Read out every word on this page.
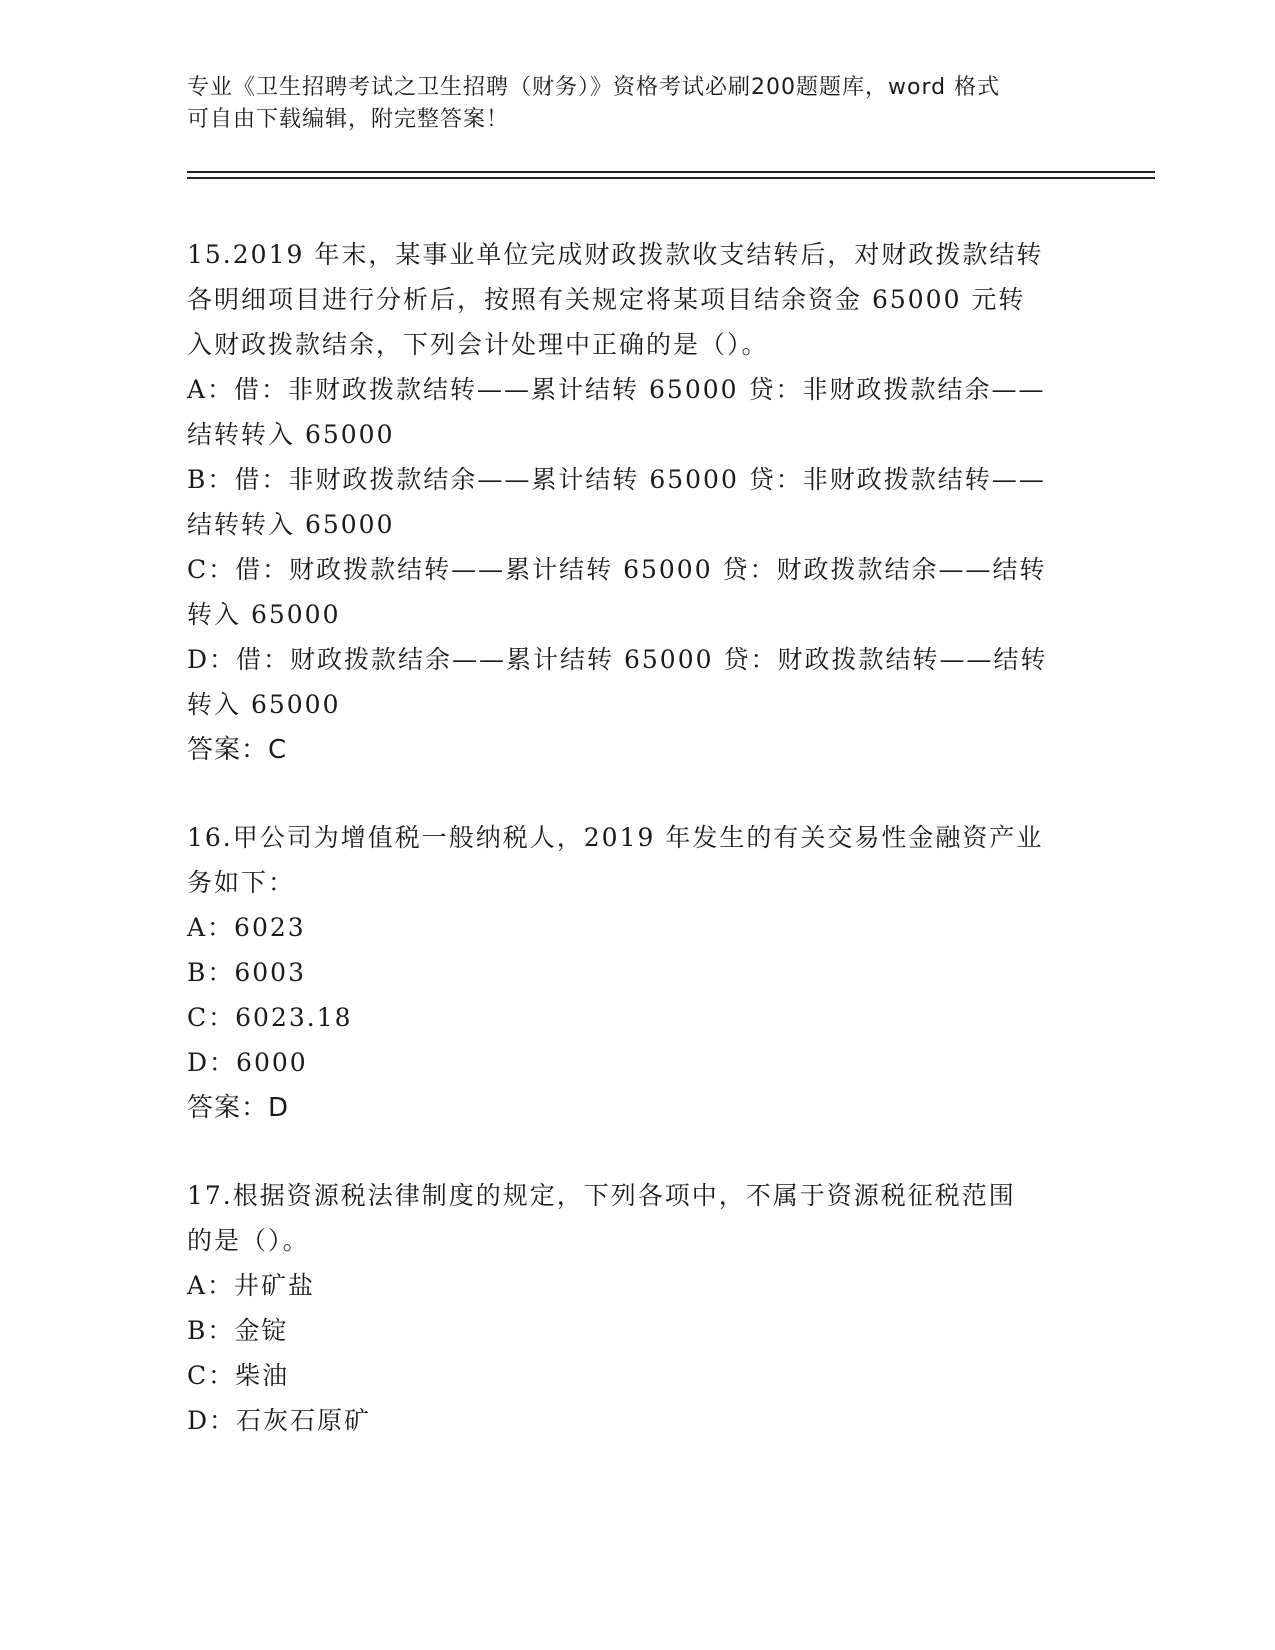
专业《卫生招聘考试之卫生招聘（财务）》资格考试必刷200题题库，word 格式
可自由下载编辑，附完整答案！

15.2019 年末，某事业单位完成财政拨款收支结转后，对财政拨款结转

各明细项目进行分析后，按照有关规定将某项目结余资金 65000 元转

入财政拨款结余，下列会计处理中正确的是（）。

A：借：非财政拨款结转——累计结转 65000 贷：非财政拨款结余——

结转转入 65000

B：借：非财政拨款结余——累计结转 65000 贷：非财政拨款结转——

结转转入 65000

C：借：财政拨款结转——累计结转 65000 贷：财政拨款结余——结转

转入 65000

D：借：财政拨款结余——累计结转 65000 贷：财政拨款结转——结转

转入 65000

答案：C

16.甲公司为增值税一般纳税人，2019 年发生的有关交易性金融资产业

务如下：

A：6023

B：6003

C：6023.18

D：6000

答案：D

17.根据资源税法律制度的规定，下列各项中，不属于资源税征税范围

的是（）。

A：井矿盐

B：金锭

C：柴油

D：石灰石原矿
